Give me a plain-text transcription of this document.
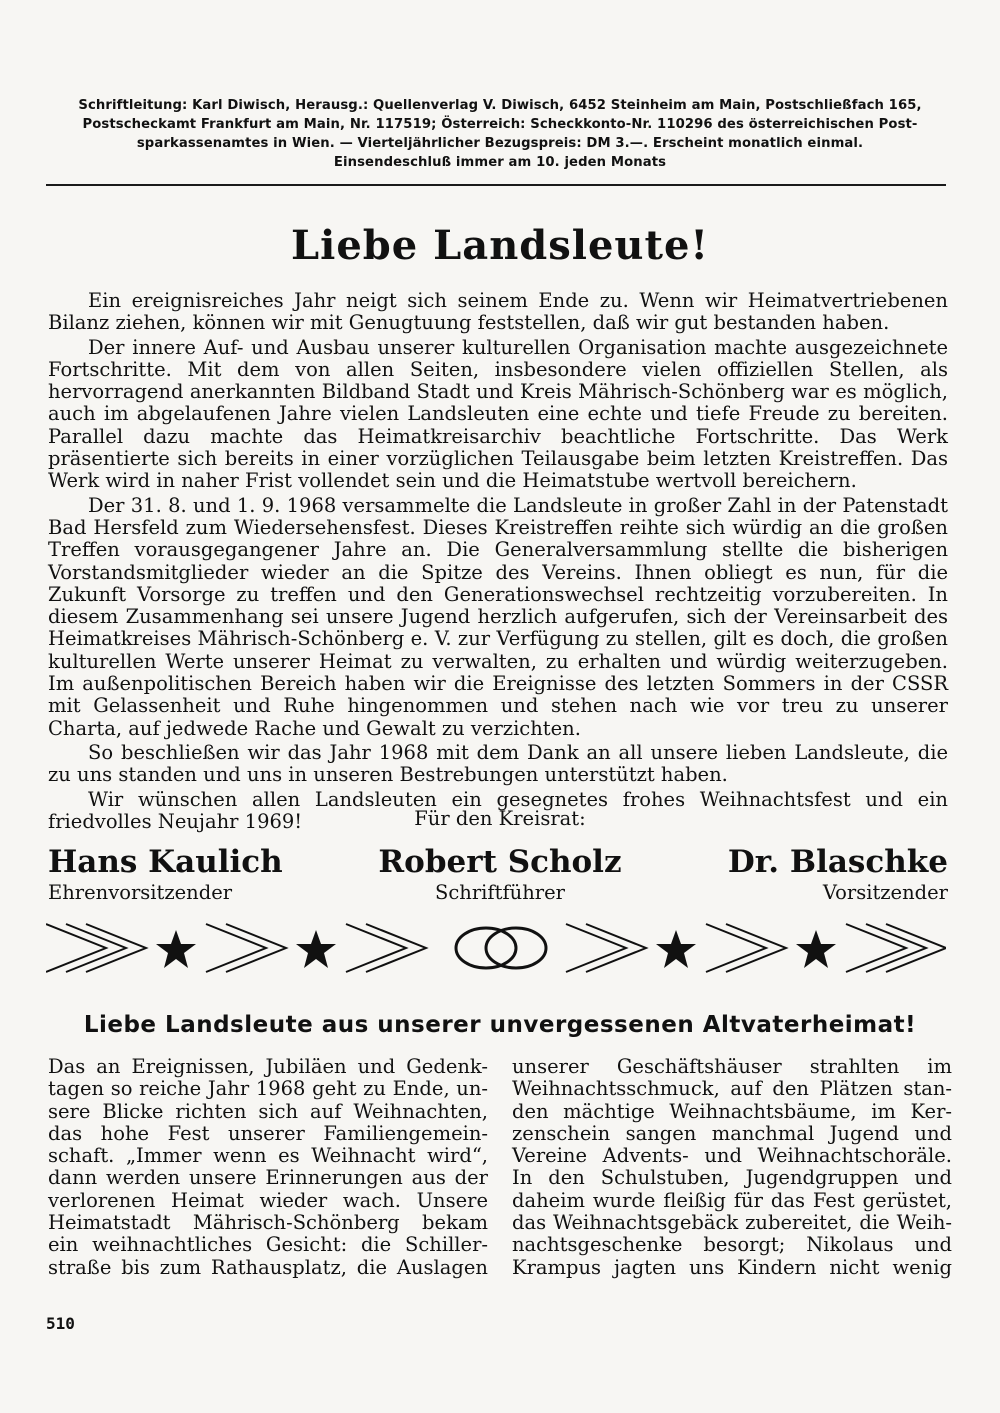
Schriftleitung: Karl Diwisch, Herausg.: Quellenverlag V. Diwisch, 6452 Steinheim am Main, Postschließfach 165,
Postscheckamt Frankfurt am Main, Nr. 117519; Österreich: Scheckkonto-Nr. 110296 des österreichischen Post-
sparkassenamtes in Wien. — Vierteljährlicher Bezugspreis: DM 3.—. Erscheint monatlich einmal.
Einsendeschluß immer am 10. jeden Monats
Liebe Landsleute!

Ein ereignisreiches Jahr neigt sich seinem Ende zu. Wenn wir Heimatvertriebenen Bilanz ziehen, können wir mit Genugtuung feststellen, daß wir gut bestanden haben.

Der innere Auf- und Ausbau unserer kulturellen Organisation machte ausgezeichnete Fortschritte. Mit dem von allen Seiten, insbesondere vielen offiziellen Stellen, als hervorragend anerkannten Bildband Stadt und Kreis Mährisch-Schönberg war es möglich, auch im abgelaufenen Jahre vielen Landsleuten eine echte und tiefe Freude zu bereiten. Parallel dazu machte das Heimatkreisarchiv beachtliche Fortschritte. Das Werk präsentierte sich bereits in einer vorzüglichen Teilausgabe beim letzten Kreistreffen. Das Werk wird in naher Frist vollendet sein und die Heimatstube wertvoll bereichern.

Der 31. 8. und 1. 9. 1968 versammelte die Landsleute in großer Zahl in der Patenstadt Bad Hersfeld zum Wiedersehensfest. Dieses Kreistreffen reihte sich würdig an die großen Treffen vorausgegangener Jahre an. Die Generalversammlung stellte die bisherigen Vorstandsmitglieder wieder an die Spitze des Vereins. Ihnen obliegt es nun, für die Zukunft Vorsorge zu treffen und den Generationswechsel rechtzeitig vorzubereiten. In diesem Zusammenhang sei unsere Jugend herzlich aufgerufen, sich der Vereinsarbeit des Heimatkreises Mährisch-Schönberg e. V. zur Verfügung zu stellen, gilt es doch, die großen kulturellen Werte unserer Heimat zu verwalten, zu erhalten und würdig weiterzugeben. Im außenpolitischen Bereich haben wir die Ereignisse des letzten Sommers in der CSSR mit Gelassenheit und Ruhe hingenommen und stehen nach wie vor treu zu unserer Charta, auf jedwede Rache und Gewalt zu verzichten.

So beschließen wir das Jahr 1968 mit dem Dank an all unsere lieben Landsleute, die zu uns standen und uns in unseren Bestrebungen unterstützt haben.

Wir wünschen allen Landsleuten ein gesegnetes frohes Weihnachtsfest und ein friedvolles Neujahr 1969!	Für den Kreisrat:
Hans Kaulich
Ehrenvorsitzender
Robert Scholz
Schriftführer
Dr. Blaschke
Vorsitzender
Liebe Landsleute aus unserer unvergessenen Altvaterheimat!
Das an Ereignissen, Jubiläen und Gedenk-
tagen so reiche Jahr 1968 geht zu Ende, un-
sere Blicke richten sich auf Weihnachten,
das hohe Fest unserer Familiengemein-
schaft. „Immer wenn es Weihnacht wird“,
dann werden unsere Erinnerungen aus der
verlorenen Heimat wieder wach. Unsere
Heimatstadt Mährisch-Schönberg bekam
ein weihnachtliches Gesicht: die Schiller-
straße bis zum Rathausplatz, die Auslagen
unserer Geschäftshäuser strahlten im
Weihnachtsschmuck, auf den Plätzen stan-
den mächtige Weihnachtsbäume, im Ker-
zenschein sangen manchmal Jugend und
Vereine Advents- und Weihnachtschoräle.
In den Schulstuben, Jugendgruppen und
daheim wurde fleißig für das Fest gerüstet,
das Weihnachtsgebäck zubereitet, die Weih-
nachtsgeschenke besorgt; Nikolaus und
Krampus jagten uns Kindern nicht wenig
510
